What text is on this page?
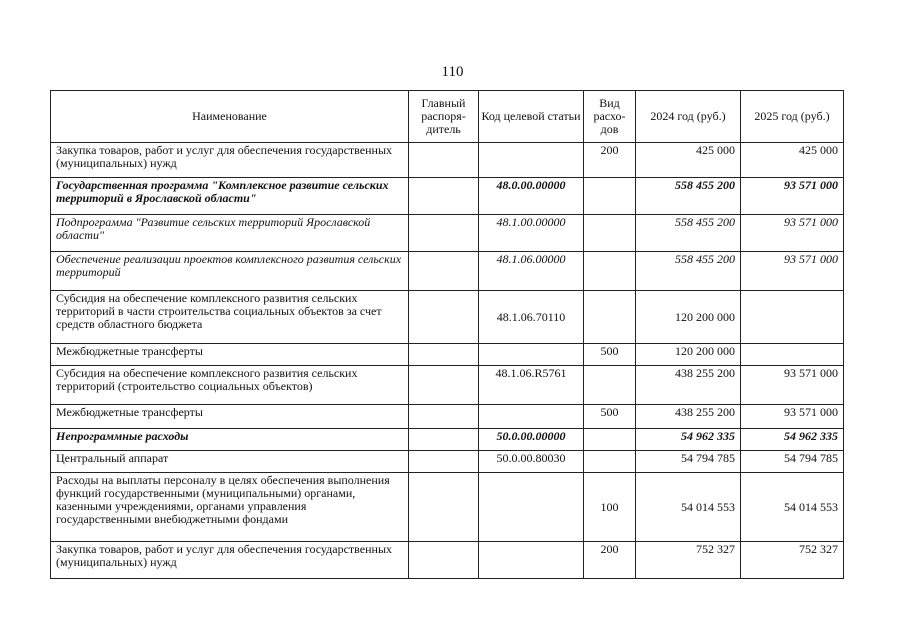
110
Наименование	Главный распоря-дитель	Код целевой статьи	Вид расхо-дов	2024 год (руб.)	2025 год (руб.)
Закупка товаров, работ и услуг для обеспечения государственных (муниципальных) нужд			200	425 000	425 000
Государственная программа "Комплексное развитие сельских территорий в Ярославской области"		48.0.00.00000		558 455 200	93 571 000
Подпрограмма "Развитие сельских территорий Ярославской области"		48.1.00.00000		558 455 200	93 571 000
Обеспечение реализации проектов комплексного развития сельских территорий		48.1.06.00000		558 455 200	93 571 000
Субсидия на обеспечение комплексного развития сельских территорий в части строительства социальных объектов за счет средств областного бюджета		48.1.06.70110		120 200 000	
Межбюджетные трансферты			500	120 200 000	
Субсидия на обеспечение комплексного развития сельских территорий (строительство социальных объектов)		48.1.06.R5761		438 255 200	93 571 000
Межбюджетные трансферты			500	438 255 200	93 571 000
Непрограммные расходы		50.0.00.00000		54 962 335	54 962 335
Центральный аппарат		50.0.00.80030		54 794 785	54 794 785
Расходы на выплаты персоналу в целях обеспечения выполнения функций государственными (муниципальными) органами, казенными учреждениями, органами управления государственными внебюджетными фондами			100	54 014 553	54 014 553
Закупка товаров, работ и услуг для обеспечения государственных (муниципальных) нужд			200	752 327	752 327
